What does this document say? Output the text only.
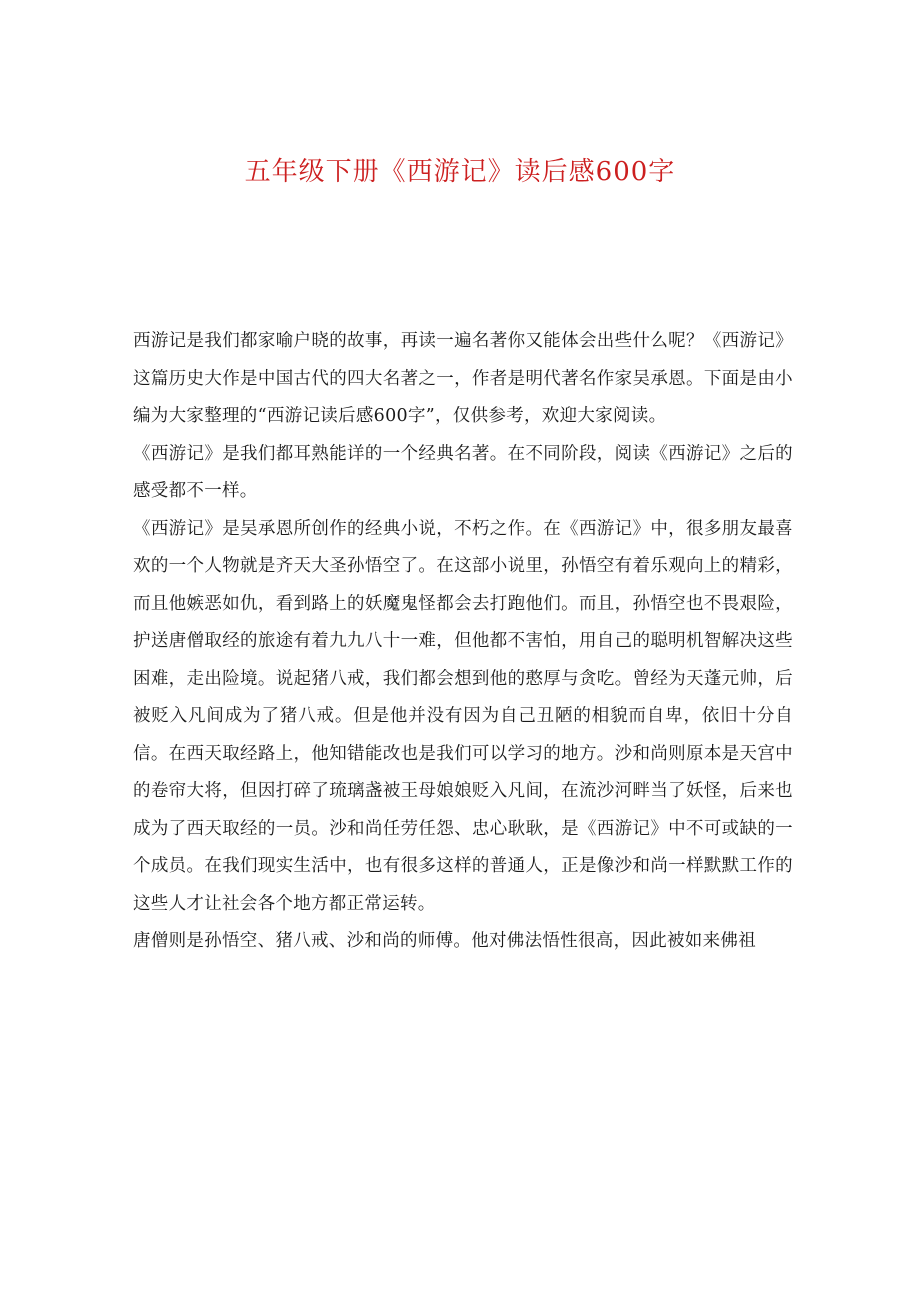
五年级下册《西游记》读后感600字

西游记是我们都家喻户晓的故事，再读一遍名著你又能体会出些什么呢？《西游记》这篇历史大作是中国古代的四大名著之一，作者是明代著名作家吴承恩。下面是由小编为大家整理的“西游记读后感600字”，仅供参考，欢迎大家阅读。

《西游记》是我们都耳熟能详的一个经典名著。在不同阶段，阅读《西游记》之后的感受都不一样。

《西游记》是吴承恩所创作的经典小说，不朽之作。在《西游记》中，很多朋友最喜欢的一个人物就是齐天大圣孙悟空了。在这部小说里，孙悟空有着乐观向上的精彩，而且他嫉恶如仇，看到路上的妖魔鬼怪都会去打跑他们。而且，孙悟空也不畏艰险，护送唐僧取经的旅途有着九九八十一难，但他都不害怕，用自己的聪明机智解决这些困难，走出险境。说起猪八戒，我们都会想到他的憨厚与贪吃。曾经为天蓬元帅，后被贬入凡间成为了猪八戒。但是他并没有因为自己丑陋的相貌而自卑，依旧十分自信。在西天取经路上，他知错能改也是我们可以学习的地方。沙和尚则原本是天宫中的卷帘大将，但因打碎了琉璃盏被王母娘娘贬入凡间，在流沙河畔当了妖怪，后来也成为了西天取经的一员。沙和尚任劳任怨、忠心耿耿，是《西游记》中不可或缺的一个成员。在我们现实生活中，也有很多这样的普通人，正是像沙和尚一样默默工作的这些人才让社会各个地方都正常运转。

唐僧则是孙悟空、猪八戒、沙和尚的师傅。他对佛法悟性很高，因此被如来佛祖
